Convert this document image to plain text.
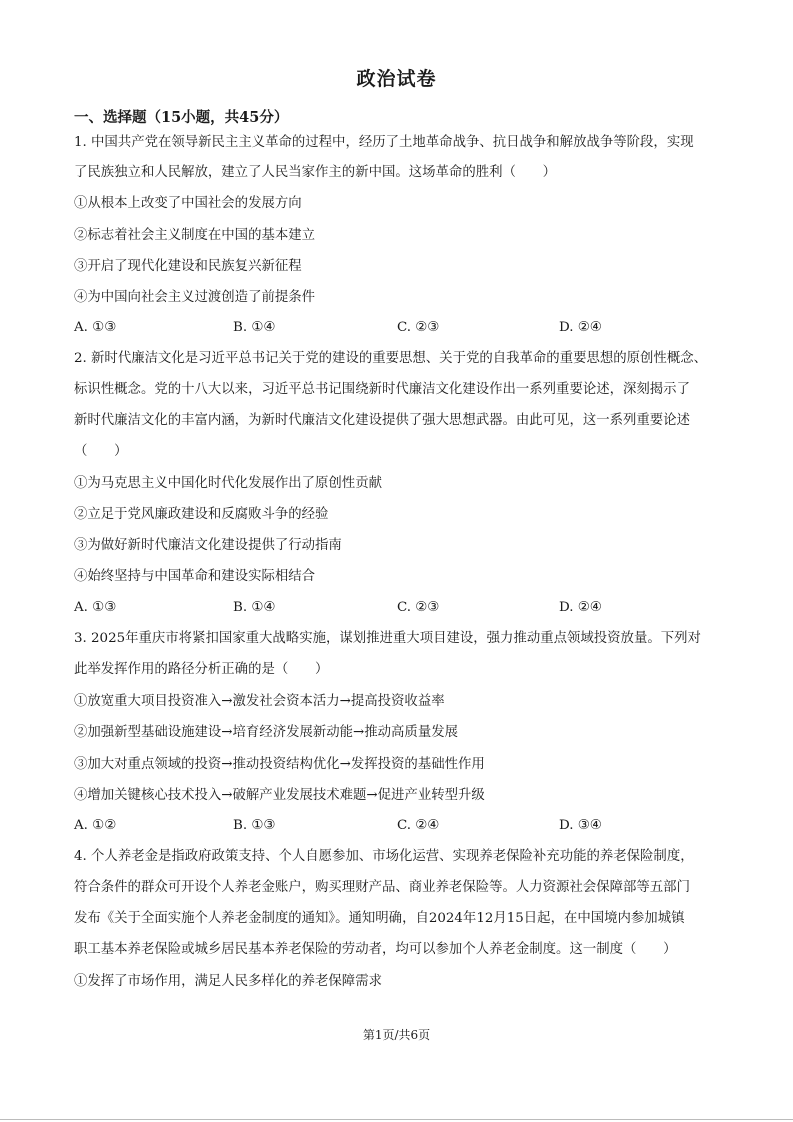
政治试卷
一、选择题（15小题，共45分）
1. 中国共产党在领导新民主主义革命的过程中，经历了土地革命战争、抗日战争和解放战争等阶段，实现
了民族独立和人民解放，建立了人民当家作主的新中国。这场革命的胜利（　　）
①从根本上改变了中国社会的发展方向
②标志着社会主义制度在中国的基本建立
③开启了现代化建设和民族复兴新征程
④为中国向社会主义过渡创造了前提条件
A. ①③	B. ①④	C. ②③	D. ②④
2. 新时代廉洁文化是习近平总书记关于党的建设的重要思想、关于党的自我革命的重要思想的原创性概念、
标识性概念。党的十八大以来，习近平总书记围绕新时代廉洁文化建设作出一系列重要论述，深刻揭示了
新时代廉洁文化的丰富内涵，为新时代廉洁文化建设提供了强大思想武器。由此可见，这一系列重要论述
（　　）
①为马克思主义中国化时代化发展作出了原创性贡献
②立足于党风廉政建设和反腐败斗争的经验
③为做好新时代廉洁文化建设提供了行动指南
④始终坚持与中国革命和建设实际相结合
A. ①③	B. ①④	C. ②③	D. ②④
3. 2025年重庆市将紧扣国家重大战略实施，谋划推进重大项目建设，强力推动重点领域投资放量。下列对
此举发挥作用的路径分析正确的是（　　）
①放宽重大项目投资准入→激发社会资本活力→提高投资收益率
②加强新型基础设施建设→培育经济发展新动能→推动高质量发展
③加大对重点领域的投资→推动投资结构优化→发挥投资的基础性作用
④增加关键核心技术投入→破解产业发展技术难题→促进产业转型升级
A. ①②	B. ①③	C. ②④	D. ③④
4. 个人养老金是指政府政策支持、个人自愿参加、市场化运营、实现养老保险补充功能的养老保险制度，
符合条件的群众可开设个人养老金账户，购买理财产品、商业养老保险等。人力资源社会保障部等五部门
发布《关于全面实施个人养老金制度的通知》。通知明确，自2024年12月15日起，在中国境内参加城镇
职工基本养老保险或城乡居民基本养老保险的劳动者，均可以参加个人养老金制度。这一制度（　　）
①发挥了市场作用，满足人民多样化的养老保障需求
第1页/共6页
